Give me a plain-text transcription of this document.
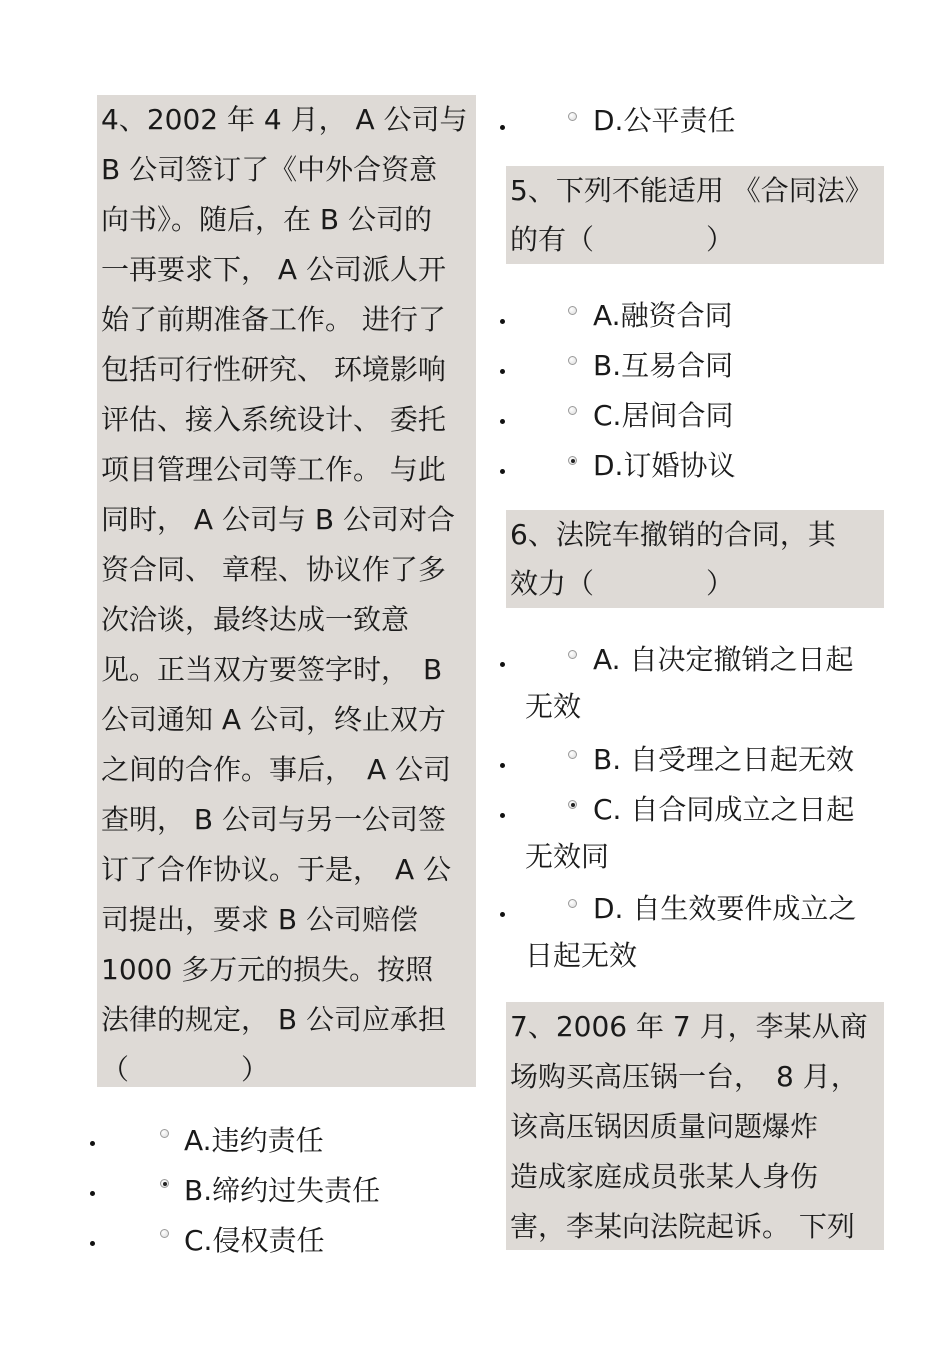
4、2002 年 4 月， A 公司与

B 公司签订了《中外合资意

向书》。随后，在 B 公司的

一再要求下， A 公司派人开

始了前期准备工作。 进行了

包括可行性研究、 环境影响

评估、接入系统设计、 委托

项目管理公司等工作。 与此

同时， A 公司与 B 公司对合

资合同、 章程、协议作了多

次洽谈，最终达成一致意

见。正当双方要签字时，　B

公司通知 A 公司，终止双方

之间的合作。事后，　A 公司

查明， B 公司与另一公司签

订了合作协议。于是，　A 公

司提出，要求 B 公司赔偿

1000 多万元的损失。按照

法律的规定， B 公司应承担

（　　　　）

A.违约责任
B.缔约过失责任
C.侵权责任
D.公平责任

5、下列不能适用 《合同法》

的有（　　　　）

A.融资合同
B.互易合同
C.居间合同
D.订婚协议

6、法院车撤销的合同，其

效力（　　　　）

A. 自决定撤销之日起
无效
B. 自受理之日起无效
C. 自合同成立之日起
无效同
D. 自生效要件成立之
日起无效

7、2006 年 7 月，李某从商

场购买高压锅一台，　8 月，

该高压锅因质量问题爆炸

造成家庭成员张某人身伤

害，李某向法院起诉。 下列
